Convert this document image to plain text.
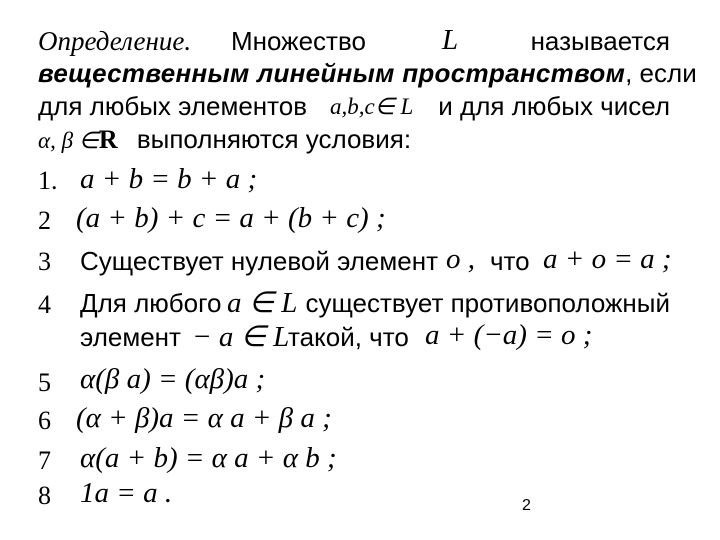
Определение. Множество	L	называется
вещественным линейным пространством, если
для любых элементов a,b,c∈ L и для любых чисел
α, β ∈R выполняются условия:
1. a + b = b + a ;
2 (a + b) + c = a + (b + c) ;
3 Существует нулевой элемент o , что a + o = a ;
4 Для любого a ∈ L существует противоположный
элемент − a ∈ L
такой, что a + (−a) = o ;
5 α(β a) = (αβ)a ;
6 (α + β)a = α a + β a ;
7 α(a + b) = α a + α b ;
8 1a = a .	2
